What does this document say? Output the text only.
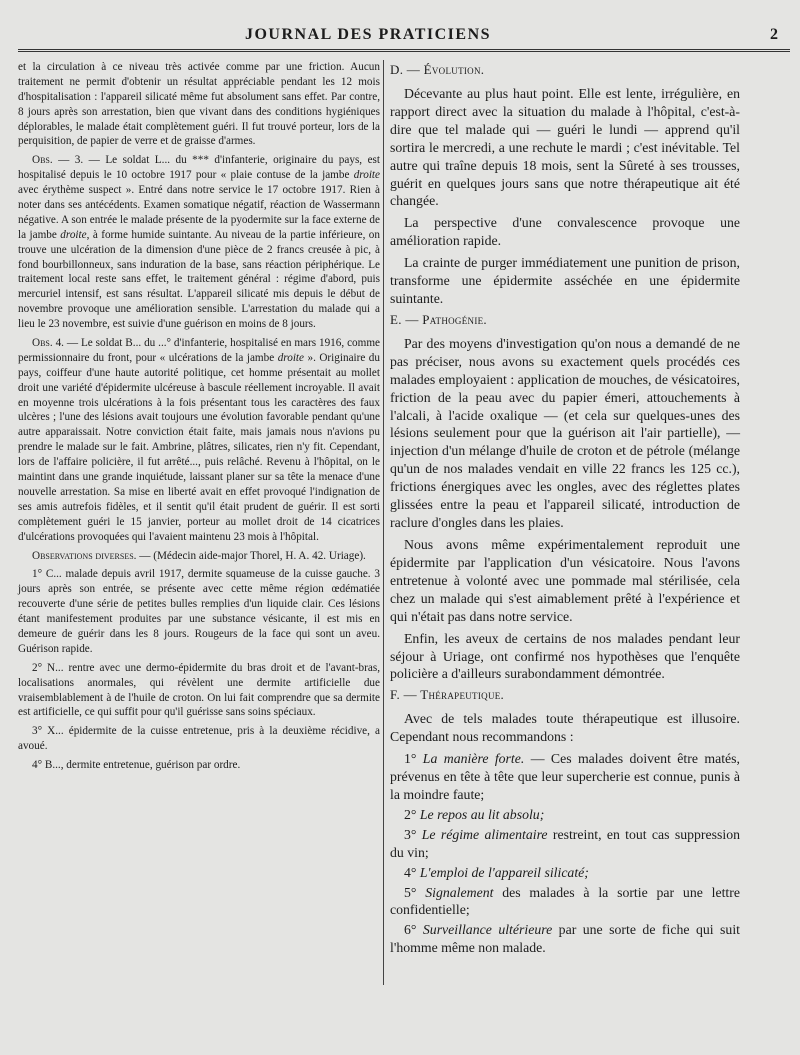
JOURNAL DES PRATICIENS	2

et la circulation à ce niveau très activée comme par une friction. Aucun traitement ne permit d'obtenir un résultat appréciable pendant les 12 mois d'hospitalisation : l'appareil silicaté même fut absolument sans effet. Par contre, 8 jours après son arrestation, bien que vivant dans des conditions hygiéniques déplorables, le malade était complètement guéri. Il fut trouvé porteur, lors de la perquisition, de papier de verre et de graisse d'armes.

Obs. — 3. — Le soldat L... du *** d'infanterie, originaire du pays, est hospitalisé depuis le 10 octobre 1917 pour « plaie contuse de la jambe droite avec érythème suspect ». Entré dans notre service le 17 octobre 1917. Rien à noter dans ses antécédents. Examen somatique négatif, réaction de Wassermann négative. A son entrée le malade présente de la pyodermite sur la face externe de la jambe droite, à forme humide suintante. Au niveau de la partie inférieure, on trouve une ulcération de la dimension d'une pièce de 2 francs creusée à pic, à fond bourbillonneux, sans induration de la base, sans réaction périphérique. Le traitement local reste sans effet, le traitement général : régime d'abord, puis mercuriel intensif, est sans résultat. L'appareil silicaté mis depuis le début de novembre provoque une amélioration sensible. L'arrestation du malade qui a lieu le 23 novembre, est suivie d'une guérison en moins de 8 jours.

Obs. 4. — Le soldat B... du ...° d'infanterie, hospitalisé en mars 1916, comme permissionnaire du front, pour « ulcérations de la jambe droite ». Originaire du pays, coiffeur d'une haute autorité politique, cet homme présentait au mollet droit une variété d'épidermite ulcéreuse à bascule réellement incroyable. Il avait en moyenne trois ulcérations à la fois présentant tous les caractères des faux ulcères ; l'une des lésions avait toujours une évolution favorable pendant qu'une autre apparaissait. Notre conviction était faite, mais jamais nous n'avions pu prendre le malade sur le fait. Ambrine, plâtres, silicates, rien n'y fit. Cependant, lors de l'affaire policière, il fut arrêté..., puis relâché. Revenu à l'hôpital, on le maintint dans une grande inquiétude, laissant planer sur sa tête la menace d'une nouvelle arrestation. Sa mise en liberté avait en effet provoqué l'indignation de ses amis autrefois fidèles, et il sentit qu'il était prudent de guérir. Il est sorti complètement guéri le 15 janvier, porteur au mollet droit de 14 cicatrices d'ulcérations provoquées qui l'avaient maintenu 23 mois à l'hôpital.

Observations diverses. — (Médecin aide-major Thorel, H. A. 42. Uriage).

1° C... malade depuis avril 1917, dermite squameuse de la cuisse gauche. 3 jours après son entrée, se présente avec cette même région œdématiée recouverte d'une série de petites bulles remplies d'un liquide clair. Ces lésions étant manifestement produites par une substance vésicante, il est mis en demeure de guérir dans les 8 jours. Rougeurs de la face qui sont un aveu. Guérison rapide.

2° N... rentre avec une dermo-épidermite du bras droit et de l'avant-bras, localisations anormales, qui révèlent une dermite artificielle due vraisemblablement à de l'huile de croton. On lui fait comprendre que sa dermite est artificielle, ce qui suffit pour qu'il guérisse sans soins spéciaux.

3° X... épidermite de la cuisse entretenue, pris à la deuxième récidive, a avoué.

4° B..., dermite entretenue, guérison par ordre.

D. — Évolution.

Décevante au plus haut point. Elle est lente, irrégulière, en rapport direct avec la situation du malade à l'hôpital, c'est-à-dire que tel malade qui — guéri le lundi — apprend qu'il sortira le mercredi, a une rechute le mardi ; c'est inévitable. Tel autre qui traîne depuis 18 mois, sent la Sûreté à ses trousses, guérit en quelques jours sans que notre thérapeutique ait été changée.

La perspective d'une convalescence provoque une amélioration rapide.

La crainte de purger immédiatement une punition de prison, transforme une épidermite asséchée en une épidermite suintante.

E. — Pathogénie.

Par des moyens d'investigation qu'on nous a demandé de ne pas préciser, nous avons su exactement quels procédés ces malades employaient : application de mouches, de vésicatoires, friction de la peau avec du papier émeri, attouchements à l'alcali, à l'acide oxalique — (et cela sur quelques-unes des lésions seulement pour que la guérison ait l'air partielle), — injection d'un mélange d'huile de croton et de pétrole (mélange qu'un de nos malades vendait en ville 22 francs les 125 cc.), frictions énergiques avec les ongles, avec des réglettes plates glissées entre la peau et l'appareil silicaté, introduction de raclure d'ongles dans les plaies.

Nous avons même expérimentalement reproduit une épidermite par l'application d'un vésicatoire. Nous l'avons entretenue à volonté avec une pommade mal stérilisée, cela chez un malade qui s'est aimablement prêté à l'expérience et qui n'était pas dans notre service.

Enfin, les aveux de certains de nos malades pendant leur séjour à Uriage, ont confirmé nos hypothèses que l'enquête policière a d'ailleurs surabondamment démontrée.

F. — Thérapeutique.

Avec de tels malades toute thérapeutique est illusoire. Cependant nous recommandons :

1° La manière forte. — Ces malades doivent être matés, prévenus en tête à tête que leur supercherie est connue, punis à la moindre faute;

2° Le repos au lit absolu;

3° Le régime alimentaire restreint, en tout cas suppression du vin;

4° L'emploi de l'appareil silicaté;

5° Signalement des malades à la sortie par une lettre confidentielle;

6° Surveillance ultérieure par une sorte de fiche qui suit l'homme même non malade.
